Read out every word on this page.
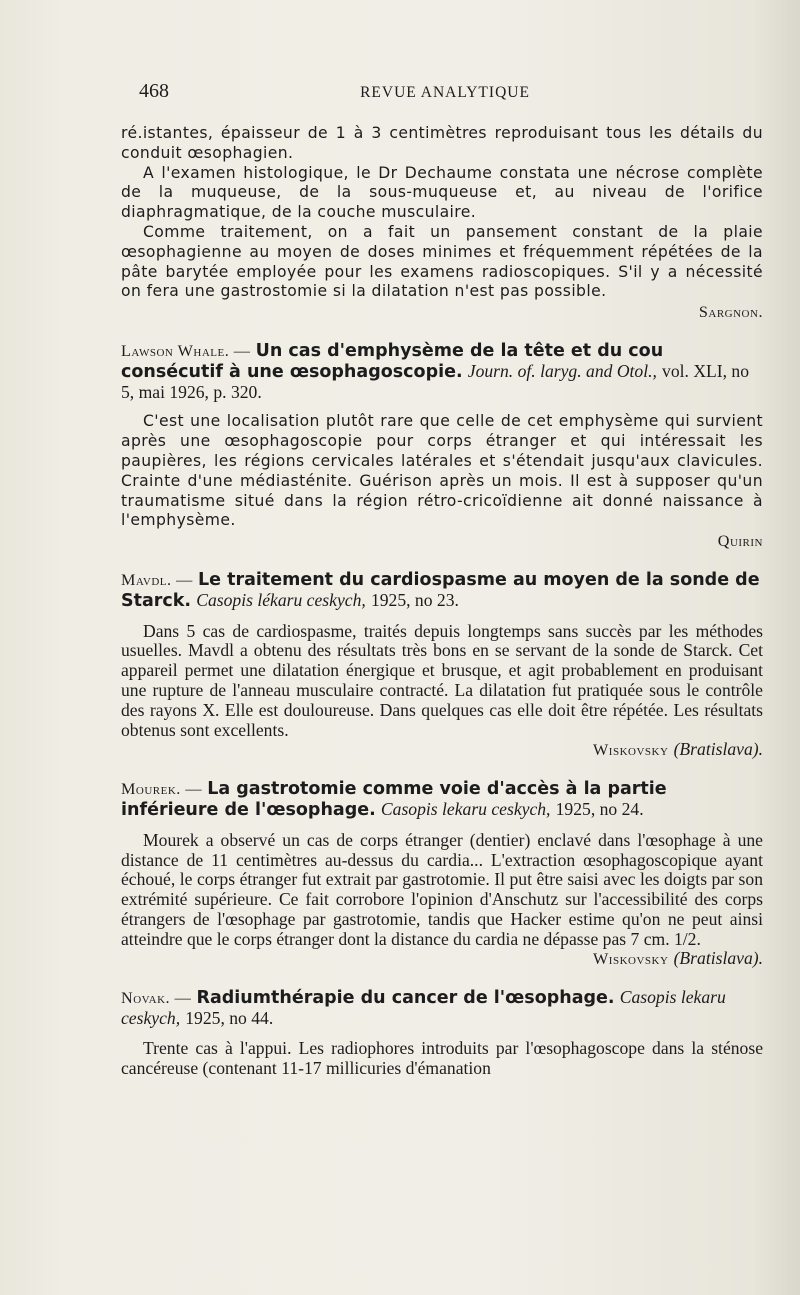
468	REVUE ANALYTIQUE

ré.istantes, épaisseur de 1 à 3 centimètres reproduisant tous les détails du conduit œsophagien.

A l'examen histologique, le Dr Dechaume constata une nécrose complète de la muqueuse, de la sous-muqueuse et, au niveau de l'orifice diaphragmatique, de la couche musculaire.

Comme traitement, on a fait un pansement constant de la plaie œsophagienne au moyen de doses minimes et fréquemment répétées de la pâte barytée employée pour les examens radioscopiques. S'il y a nécessité on fera une gastrostomie si la dilatation n'est pas possible.

Sargnon.

Lawson Whale. — Un cas d'emphysème de la tête et du cou consécutif à une œsophagoscopie. Journ. of. laryg. and Otol., vol. XLI, no 5, mai 1926, p. 320.

C'est une localisation plutôt rare que celle de cet emphysème qui survient après une œsophagoscopie pour corps étranger et qui intéressait les paupières, les régions cervicales latérales et s'étendait jusqu'aux clavicules. Crainte d'une médiasténite. Guérison après un mois. Il est à supposer qu'un traumatisme situé dans la région rétro-cricoïdienne ait donné naissance à l'emphysème.

Quirin

Mavdl. — Le traitement du cardiospasme au moyen de la sonde de Starck. Casopis lékaru ceskych, 1925, no 23.

Dans 5 cas de cardiospasme, traités depuis longtemps sans succès par les méthodes usuelles. Mavdl a obtenu des résultats très bons en se servant de la sonde de Starck. Cet appareil permet une dilatation énergique et brusque, et agit probablement en produisant une rupture de l'anneau musculaire contracté. La dilatation fut pratiquée sous le contrôle des rayons X. Elle est douloureuse. Dans quelques cas elle doit être répétée. Les résultats obtenus sont excellents.

Wiskovsky (Bratislava).

Mourek. — La gastrotomie comme voie d'accès à la partie inférieure de l'œsophage. Casopis lekaru ceskych, 1925, no 24.

Mourek a observé un cas de corps étranger (dentier) enclavé dans l'œsophage à une distance de 11 centimètres au-dessus du cardia... L'extraction œsophagoscopique ayant échoué, le corps étranger fut extrait par gastrotomie. Il put être saisi avec les doigts par son extrémité supérieure. Ce fait corrobore l'opinion d'Anschutz sur l'accessibilité des corps étrangers de l'œsophage par gastrotomie, tandis que Hacker estime qu'on ne peut ainsi atteindre que le corps étranger dont la distance du cardia ne dépasse pas 7 cm. 1/2.

Wiskovsky (Bratislava).

Novak. — Radiumthérapie du cancer de l'œsophage. Casopis lekaru ceskych, 1925, no 44.

Trente cas à l'appui. Les radiophores introduits par l'œsophagoscope dans la sténose cancéreuse (contenant 11-17 millicuries d'émanation
